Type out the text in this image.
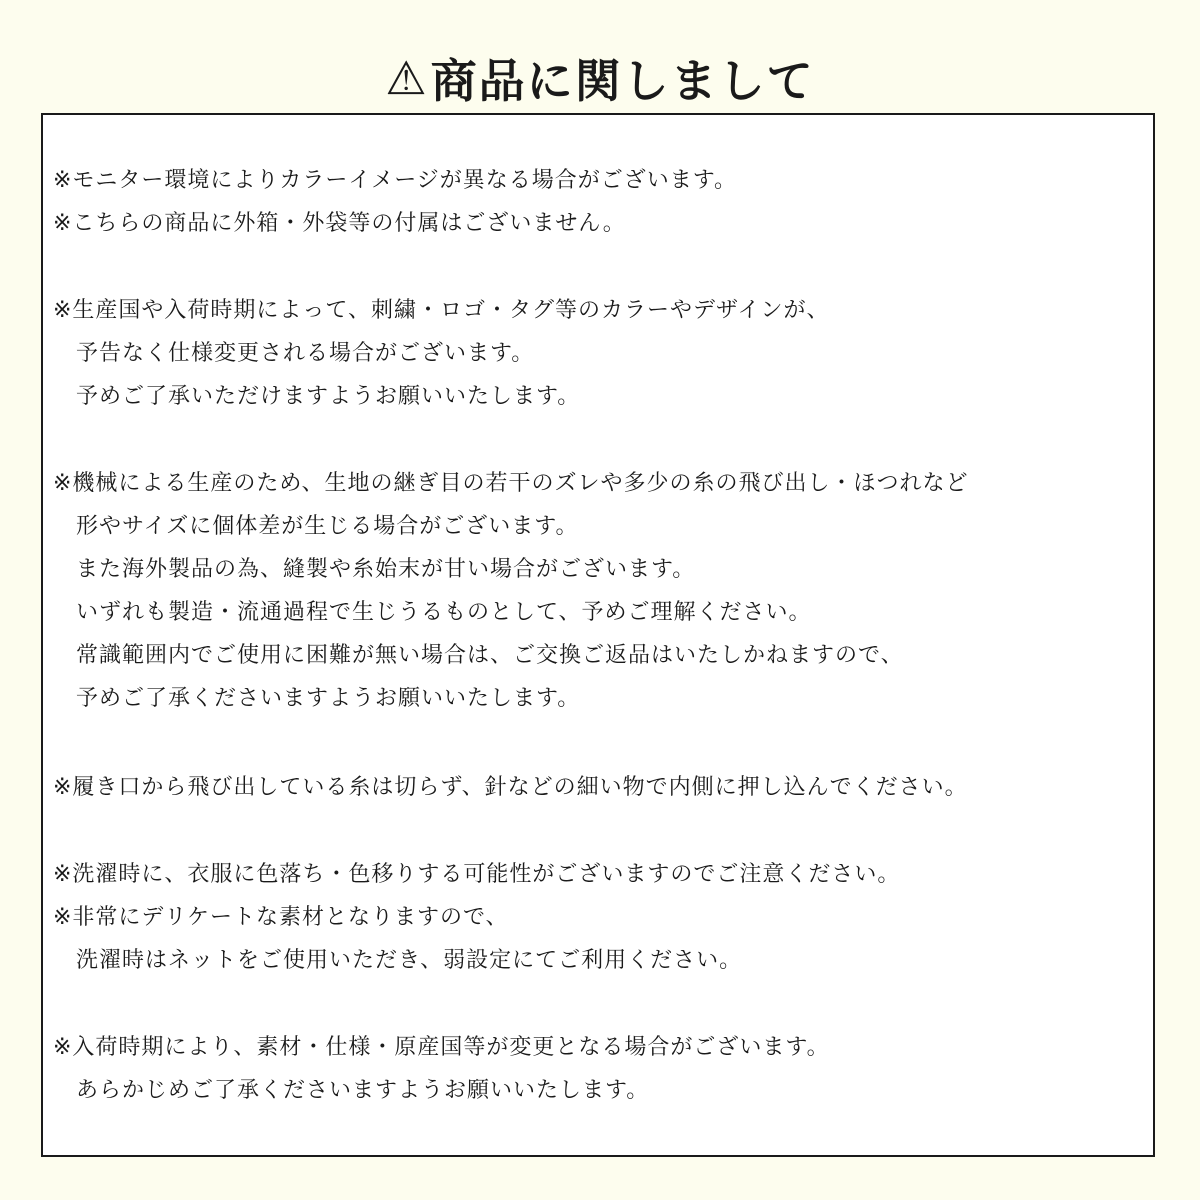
⚠ 商品に関しまして
※モニター環境によりカラーイメージが異なる場合がございます。
※こちらの商品に外箱・外袋等の付属はございません。
※生産国や入荷時期によって、刺繍・ロゴ・タグ等のカラーやデザインが、
予告なく仕様変更される場合がございます。
予めご了承いただけますようお願いいたします。
※機械による生産のため、生地の継ぎ目の若干のズレや多少の糸の飛び出し・ほつれなど
形やサイズに個体差が生じる場合がございます。
また海外製品の為、縫製や糸始末が甘い場合がございます。
いずれも製造・流通過程で生じうるものとして、予めご理解ください。
常識範囲内でご使用に困難が無い場合は、ご交換ご返品はいたしかねますので、
予めご了承くださいますようお願いいたします。
※履き口から飛び出している糸は切らず、針などの細い物で内側に押し込んでください。
※洗濯時に、衣服に色落ち・色移りする可能性がございますのでご注意ください。
※非常にデリケートな素材となりますので、
洗濯時はネットをご使用いただき、弱設定にてご利用ください。
※入荷時期により、素材・仕様・原産国等が変更となる場合がございます。
あらかじめご了承くださいますようお願いいたします。
